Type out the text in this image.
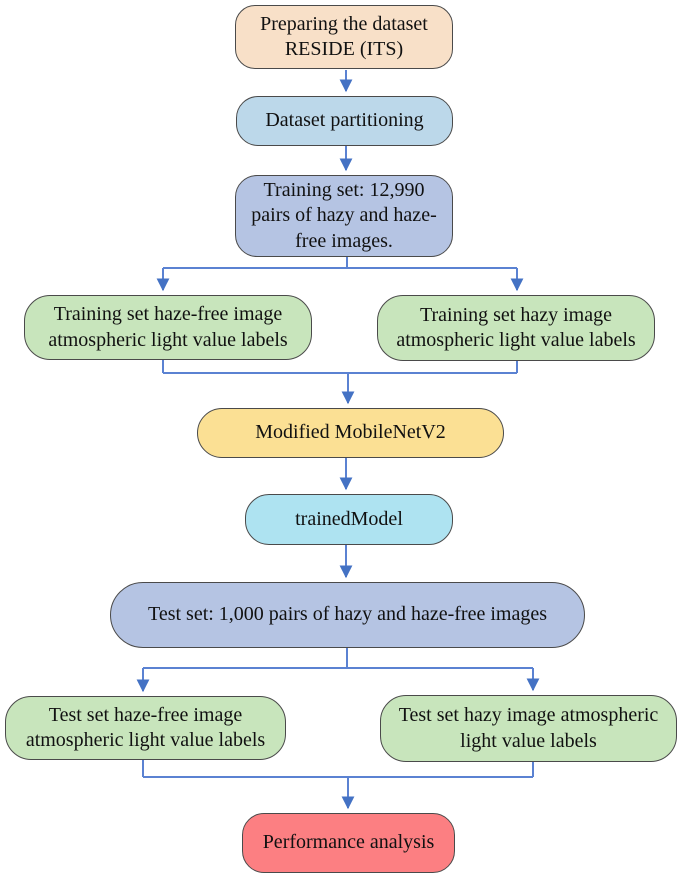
Preparing the dataset RESIDE (ITS)
Dataset partitioning
Training set: 12,990 pairs of hazy and haze-free images.
Training set haze-free image atmospheric light value labels
Training set hazy image atmospheric light value labels
Modified MobileNetV2
trainedModel
Test set: 1,000 pairs of hazy and haze-free images
Test set haze-free image atmospheric light value labels
Test set hazy image atmospheric light value labels
Performance analysis
